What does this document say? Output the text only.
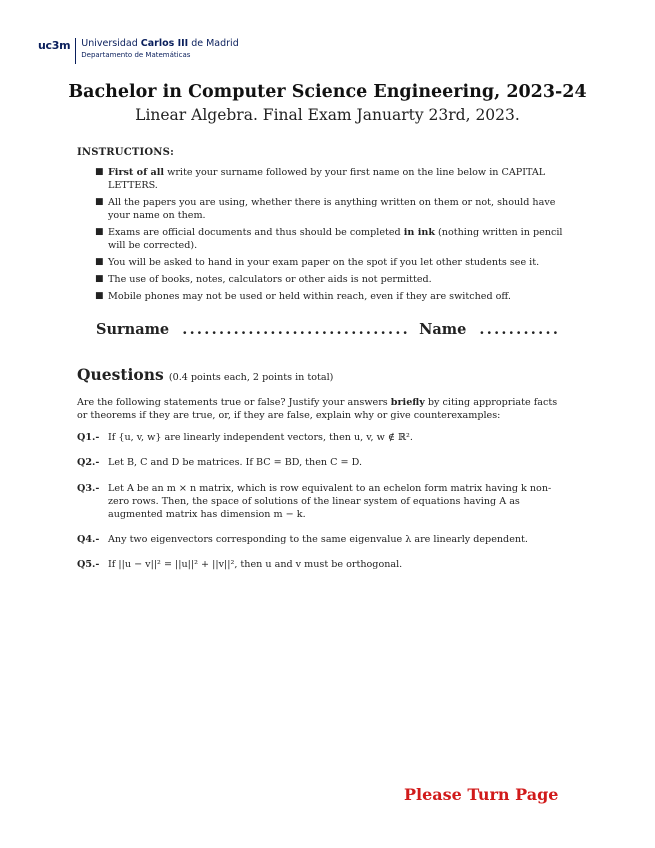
uc3m Universidad Carlos III de Madrid
Departamento de Matemáticas
Bachelor in Computer Science Engineering, 2023-24
Linear Algebra. Final Exam Januarty 23rd, 2023.
INSTRUCTIONS:
■ First of all write your surname followed by your first name on the line below in CAPITAL LETTERS.
■ All the papers you are using, whether there is anything written on them or not, should have your name on them.
■ Exams are official documents and thus should be completed in ink (nothing written in pencil will be corrected).
■ You will be asked to hand in your exam paper on the spot if you let other students see it.
■ The use of books, notes, calculators or other aids is not permitted.
■ Mobile phones may not be used or held within reach, even if they are switched off.
Surname ............................... Name ...........
Questions (0.4 points each, 2 points in total)
Are the following statements true or false? Justify your answers briefly by citing appropriate facts or theorems if they are true, or, if they are false, explain why or give counterexamples:
Q1.- If {u, v, w} are linearly independent vectors, then u, v, w ∉ ℝ².
Q2.- Let B, C and D be matrices. If BC = BD, then C = D.
Q3.- Let A be an m × n matrix, which is row equivalent to an echelon form matrix having k non-zero rows. Then, the space of solutions of the linear system of equations having A as augmented matrix has dimension m − k.
Q4.- Any two eigenvectors corresponding to the same eigenvalue λ are linearly dependent.
Q5.- If ||u − v||² = ||u||² + ||v||², then u and v must be orthogonal.
Please Turn Page
